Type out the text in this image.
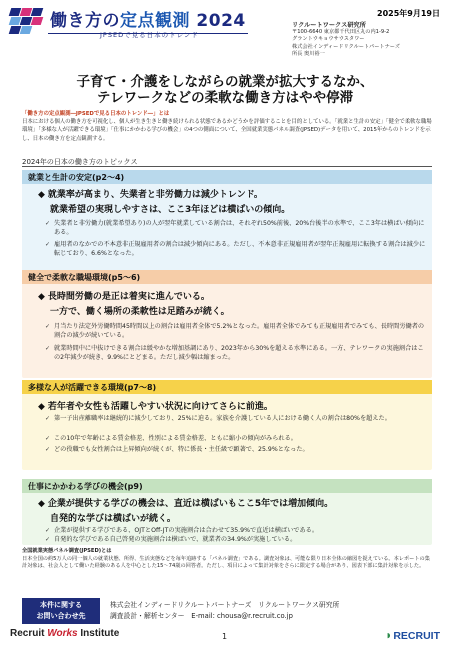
働き方の定点観測 2024
JPSEDで見る日本のトレンド
2025年9月19日
リクルートワークス研究所
〒100-6640 東京都千代田区丸の内1-9-2
グラントウキョウサウスタワー
株式会社インディードリクルートパートナーズ
所長 奥川裕一
子育て・介護をしながらの就業が拡大するなか、
テレワークなどの柔軟な働き方はやや停滞
「働き方の定点観測―JPSEDで見る日本のトレンド―」とは
日本における個人の働き方を可視化し、個人が生き生きと働き続けられる状態であるかどうかを評価することを目的としている。「就業と生計の安定」「健全で柔軟な職場環境」「多様な人が活躍できる環境」「仕事にかかわる学びの機会」の4つの側面について、全国就業実態パネル調査(JPSED)データを用いて、2015年からのトレンドを示し、日本の働き方を定点観測する。
2024年の日本の働き方のトピックス
就業と生計の安定(p2～4)
◆ 就業率が高まり、失業者と非労働力は減少トレンド。
就業希望の実現しやすさは、ここ3年ほどは横ばいの傾向。
✓ 失業者と非労働力(就業希望あり)の人が翌年就業している割合は、それぞれ50%前後、20%台後半の水準で、ここ3年は横ばい傾向にある。
✓ 雇用者のなかでの不本意非正規雇用者の割合は減少傾向にある。ただし、不本意非正規雇用者が翌年正規雇用に転換する割合は減少に転じており、6.6%となった。
健全で柔軟な職場環境(p5～6)
◆ 長時間労働の是正は着実に進んでいる。
一方で、働く場所の柔軟性は足踏みが続く。
✓ 月当たり法定外労働時間45時間以上の割合は雇用者全体で5.2%となった。雇用者全体でみても正規雇用者でみても、長時間労働者の割合の減少が続いている。
✓ 就業時間中に中抜けできる割合は緩やかな増加基調にあり、2023年から30%を超える水準にある。一方、テレワークの実施割合はこの2年減少が続き、9.9%にとどまる。ただし減少幅は縮まった。
多様な人が活躍できる環境(p7～8)
◆ 若年者や女性も活躍しやすい状況に向けてさらに前進。
✓ 第一子出産離職率は継続的に減少しており、25%に迫る。家族を介護している人における働く人の割合は80%を超えた。
✓ この10年で年齢による賃金格差、性別による賃金格差、ともに縮小の傾向がみられる。
✓ どの役職でも女性割合は上昇傾向が続くが、特に係長・主任級で顕著で、25.9%となった。
仕事にかかわる学びの機会(p9)
◆ 企業が提供する学びの機会は、直近は横ばいもここ5年では増加傾向。
自発的な学びは横ばいが続く。
✓ 企業が提供する学びである、OJTとOff-JTの実施割合は合わせて35.9%で直近は横ばいである。
✓ 自発的な学びである自己啓発の実施割合は横ばいで、就業者の34.9%が実施している。
全国就業実態パネル調査(JPSED)とは
日本全国の約5万人の同一個人の就業状態、所得、生活実態などを毎年追跡する「パネル調査」である。調査対象は、可能な限り日本全体の縮図を捉えている。本レポートの集計対象は、社会人として働いた経験のある人を中心とした15～74歳の回答者。ただし、項目によって集計対象をさらに限定する場合があり、図表下部に集計対象を示した。
本件に関する
お問い合わせ先
株式会社インディードリクルートパートナーズ　リクルートワークス研究所
調査設計・解析センター　E-mail: chousa@r.recruit.co.jp
Recruit Works Institute	1	◗RECRUIT
